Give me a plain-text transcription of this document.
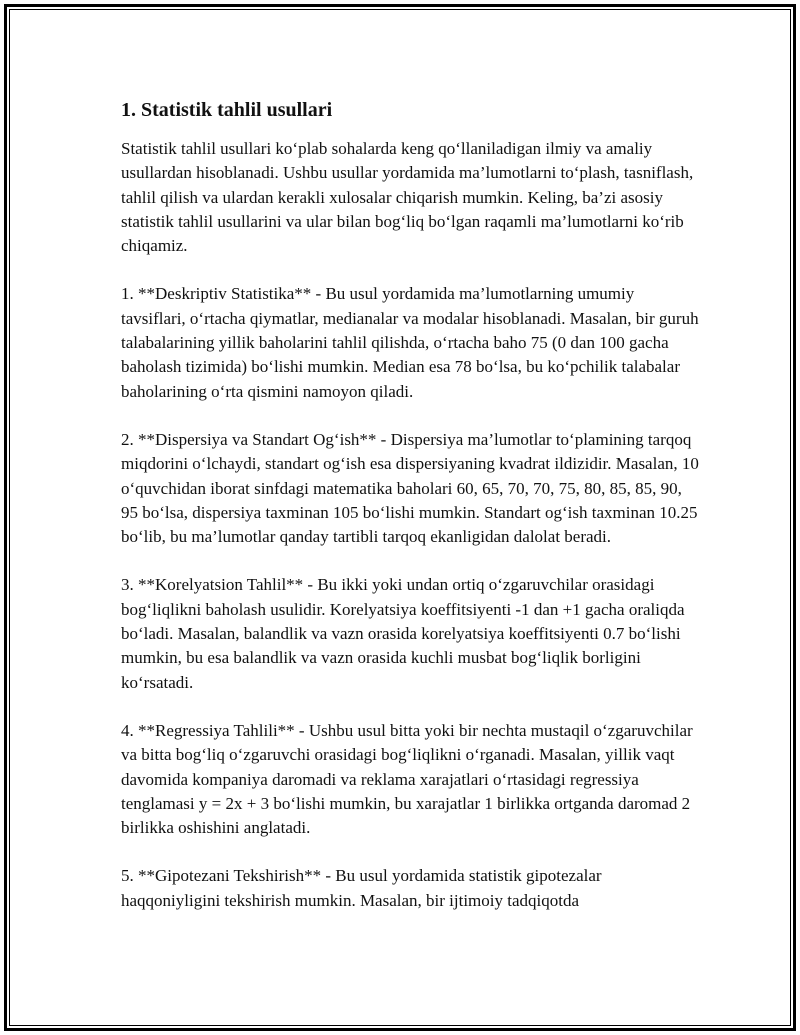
1. Statistik tahlil usullari

Statistik tahlil usullari ko‘plab sohalarda keng qo‘llaniladigan ilmiy va amaliy usullardan hisoblanadi. Ushbu usullar yordamida ma’lumotlarni to‘plash, tasniflash, tahlil qilish va ulardan kerakli xulosalar chiqarish mumkin. Keling, ba’zi asosiy statistik tahlil usullarini va ular bilan bog‘liq bo‘lgan raqamli ma’lumotlarni ko‘rib chiqamiz.

1. **Deskriptiv Statistika** - Bu usul yordamida ma’lumotlarning umumiy tavsiflari, o‘rtacha qiymatlar, medianalar va modalar hisoblanadi. Masalan, bir guruh talabalarining yillik baholarini tahlil qilishda, o‘rtacha baho 75 (0 dan 100 gacha baholash tizimida) bo‘lishi mumkin. Median esa 78 bo‘lsa, bu ko‘pchilik talabalar baholarining o‘rta qismini namoyon qiladi.

2. **Dispersiya va Standart Og‘ish** - Dispersiya ma’lumotlar to‘plamining tarqoq miqdorini o‘lchaydi, standart og‘ish esa dispersiyaning kvadrat ildizidir. Masalan, 10 o‘quvchidan iborat sinfdagi matematika baholari 60, 65, 70, 70, 75, 80, 85, 85, 90, 95 bo‘lsa, dispersiya taxminan 105 bo‘lishi mumkin. Standart og‘ish taxminan 10.25 bo‘lib, bu ma’lumotlar qanday tartibli tarqoq ekanligidan dalolat beradi.

3. **Korelyatsion Tahlil** - Bu ikki yoki undan ortiq o‘zgaruvchilar orasidagi bog‘liqlikni baholash usulidir. Korelyatsiya koeffitsiyenti -1 dan +1 gacha oraliqda bo‘ladi. Masalan, balandlik va vazn orasida korelyatsiya koeffitsiyenti 0.7 bo‘lishi mumkin, bu esa balandlik va vazn orasida kuchli musbat bog‘liqlik borligini ko‘rsatadi.

4. **Regressiya Tahlili** - Ushbu usul bitta yoki bir nechta mustaqil o‘zgaruvchilar va bitta bog‘liq o‘zgaruvchi orasidagi bog‘liqlikni o‘rganadi. Masalan, yillik vaqt davomida kompaniya daromadi va reklama xarajatlari o‘rtasidagi regressiya tenglamasi y = 2x + 3 bo‘lishi mumkin, bu xarajatlar 1 birlikka ortganda daromad 2 birlikka oshishini anglatadi.

5. **Gipotezani Tekshirish** - Bu usul yordamida statistik gipotezalar haqqoniyligini tekshirish mumkin. Masalan, bir ijtimoiy tadqiqotda
